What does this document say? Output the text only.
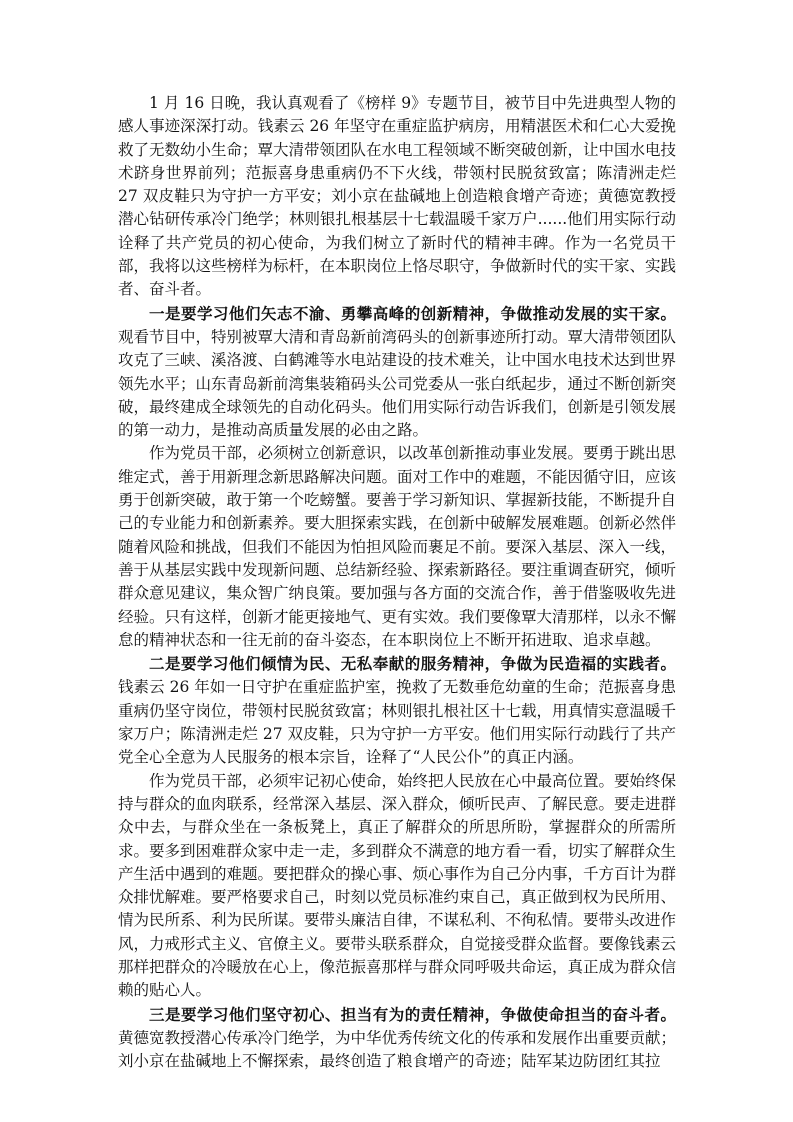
1 月 16 日晚，我认真观看了《榜样 9》专题节目，被节目中先进典型人物的感人事迹深深打动。钱素云 26 年坚守在重症监护病房，用精湛医术和仁心大爱挽救了无数幼小生命；覃大清带领团队在水电工程领域不断突破创新，让中国水电技术跻身世界前列；范振喜身患重病仍不下火线，带领村民脱贫致富；陈清洲走烂 27 双皮鞋只为守护一方平安；刘小京在盐碱地上创造粮食增产奇迹；黄德宽教授潜心钻研传承冷门绝学；林则银扎根基层十七载温暖千家万户......他们用实际行动诠释了共产党员的初心使命，为我们树立了新时代的精神丰碑。作为一名党员干部，我将以这些榜样为标杆，在本职岗位上恪尽职守，争做新时代的实干家、实践者、奋斗者。

一是要学习他们矢志不渝、勇攀高峰的创新精神，争做推动发展的实干家。观看节目中，特别被覃大清和青岛新前湾码头的创新事迹所打动。覃大清带领团队攻克了三峡、溪洛渡、白鹤滩等水电站建设的技术难关，让中国水电技术达到世界领先水平；山东青岛新前湾集装箱码头公司党委从一张白纸起步，通过不断创新突破，最终建成全球领先的自动化码头。他们用实际行动告诉我们，创新是引领发展的第一动力，是推动高质量发展的必由之路。

作为党员干部，必须树立创新意识，以改革创新推动事业发展。要勇于跳出思维定式，善于用新理念新思路解决问题。面对工作中的难题，不能因循守旧，应该勇于创新突破，敢于第一个吃螃蟹。要善于学习新知识、掌握新技能，不断提升自己的专业能力和创新素养。要大胆探索实践，在创新中破解发展难题。创新必然伴随着风险和挑战，但我们不能因为怕担风险而裹足不前。要深入基层、深入一线，善于从基层实践中发现新问题、总结新经验、探索新路径。要注重调查研究，倾听群众意见建议，集众智广纳良策。要加强与各方面的交流合作，善于借鉴吸收先进经验。只有这样，创新才能更接地气、更有实效。我们要像覃大清那样，以永不懈怠的精神状态和一往无前的奋斗姿态，在本职岗位上不断开拓进取、追求卓越。

二是要学习他们倾情为民、无私奉献的服务精神，争做为民造福的实践者。钱素云 26 年如一日守护在重症监护室，挽救了无数垂危幼童的生命；范振喜身患重病仍坚守岗位，带领村民脱贫致富；林则银扎根社区十七载，用真情实意温暖千家万户；陈清洲走烂 27 双皮鞋，只为守护一方平安。他们用实际行动践行了共产党全心全意为人民服务的根本宗旨，诠释了“人民公仆”的真正内涵。

作为党员干部，必须牢记初心使命，始终把人民放在心中最高位置。要始终保持与群众的血肉联系，经常深入基层、深入群众，倾听民声、了解民意。要走进群众中去，与群众坐在一条板凳上，真正了解群众的所思所盼，掌握群众的所需所求。要多到困难群众家中走一走，多到群众不满意的地方看一看，切实了解群众生产生活中遇到的难题。要把群众的操心事、烦心事作为自己分内事，千方百计为群众排忧解难。要严格要求自己，时刻以党员标准约束自己，真正做到权为民所用、情为民所系、利为民所谋。要带头廉洁自律，不谋私利、不徇私情。要带头改进作风，力戒形式主义、官僚主义。要带头联系群众，自觉接受群众监督。要像钱素云那样把群众的冷暖放在心上，像范振喜那样与群众同呼吸共命运，真正成为群众信赖的贴心人。

三是要学习他们坚守初心、担当有为的责任精神，争做使命担当的奋斗者。黄德宽教授潜心传承冷门绝学，为中华优秀传统文化的传承和发展作出重要贡献；刘小京在盐碱地上不懈探索，最终创造了粮食增产的奇迹；陆军某边防团红其拉
